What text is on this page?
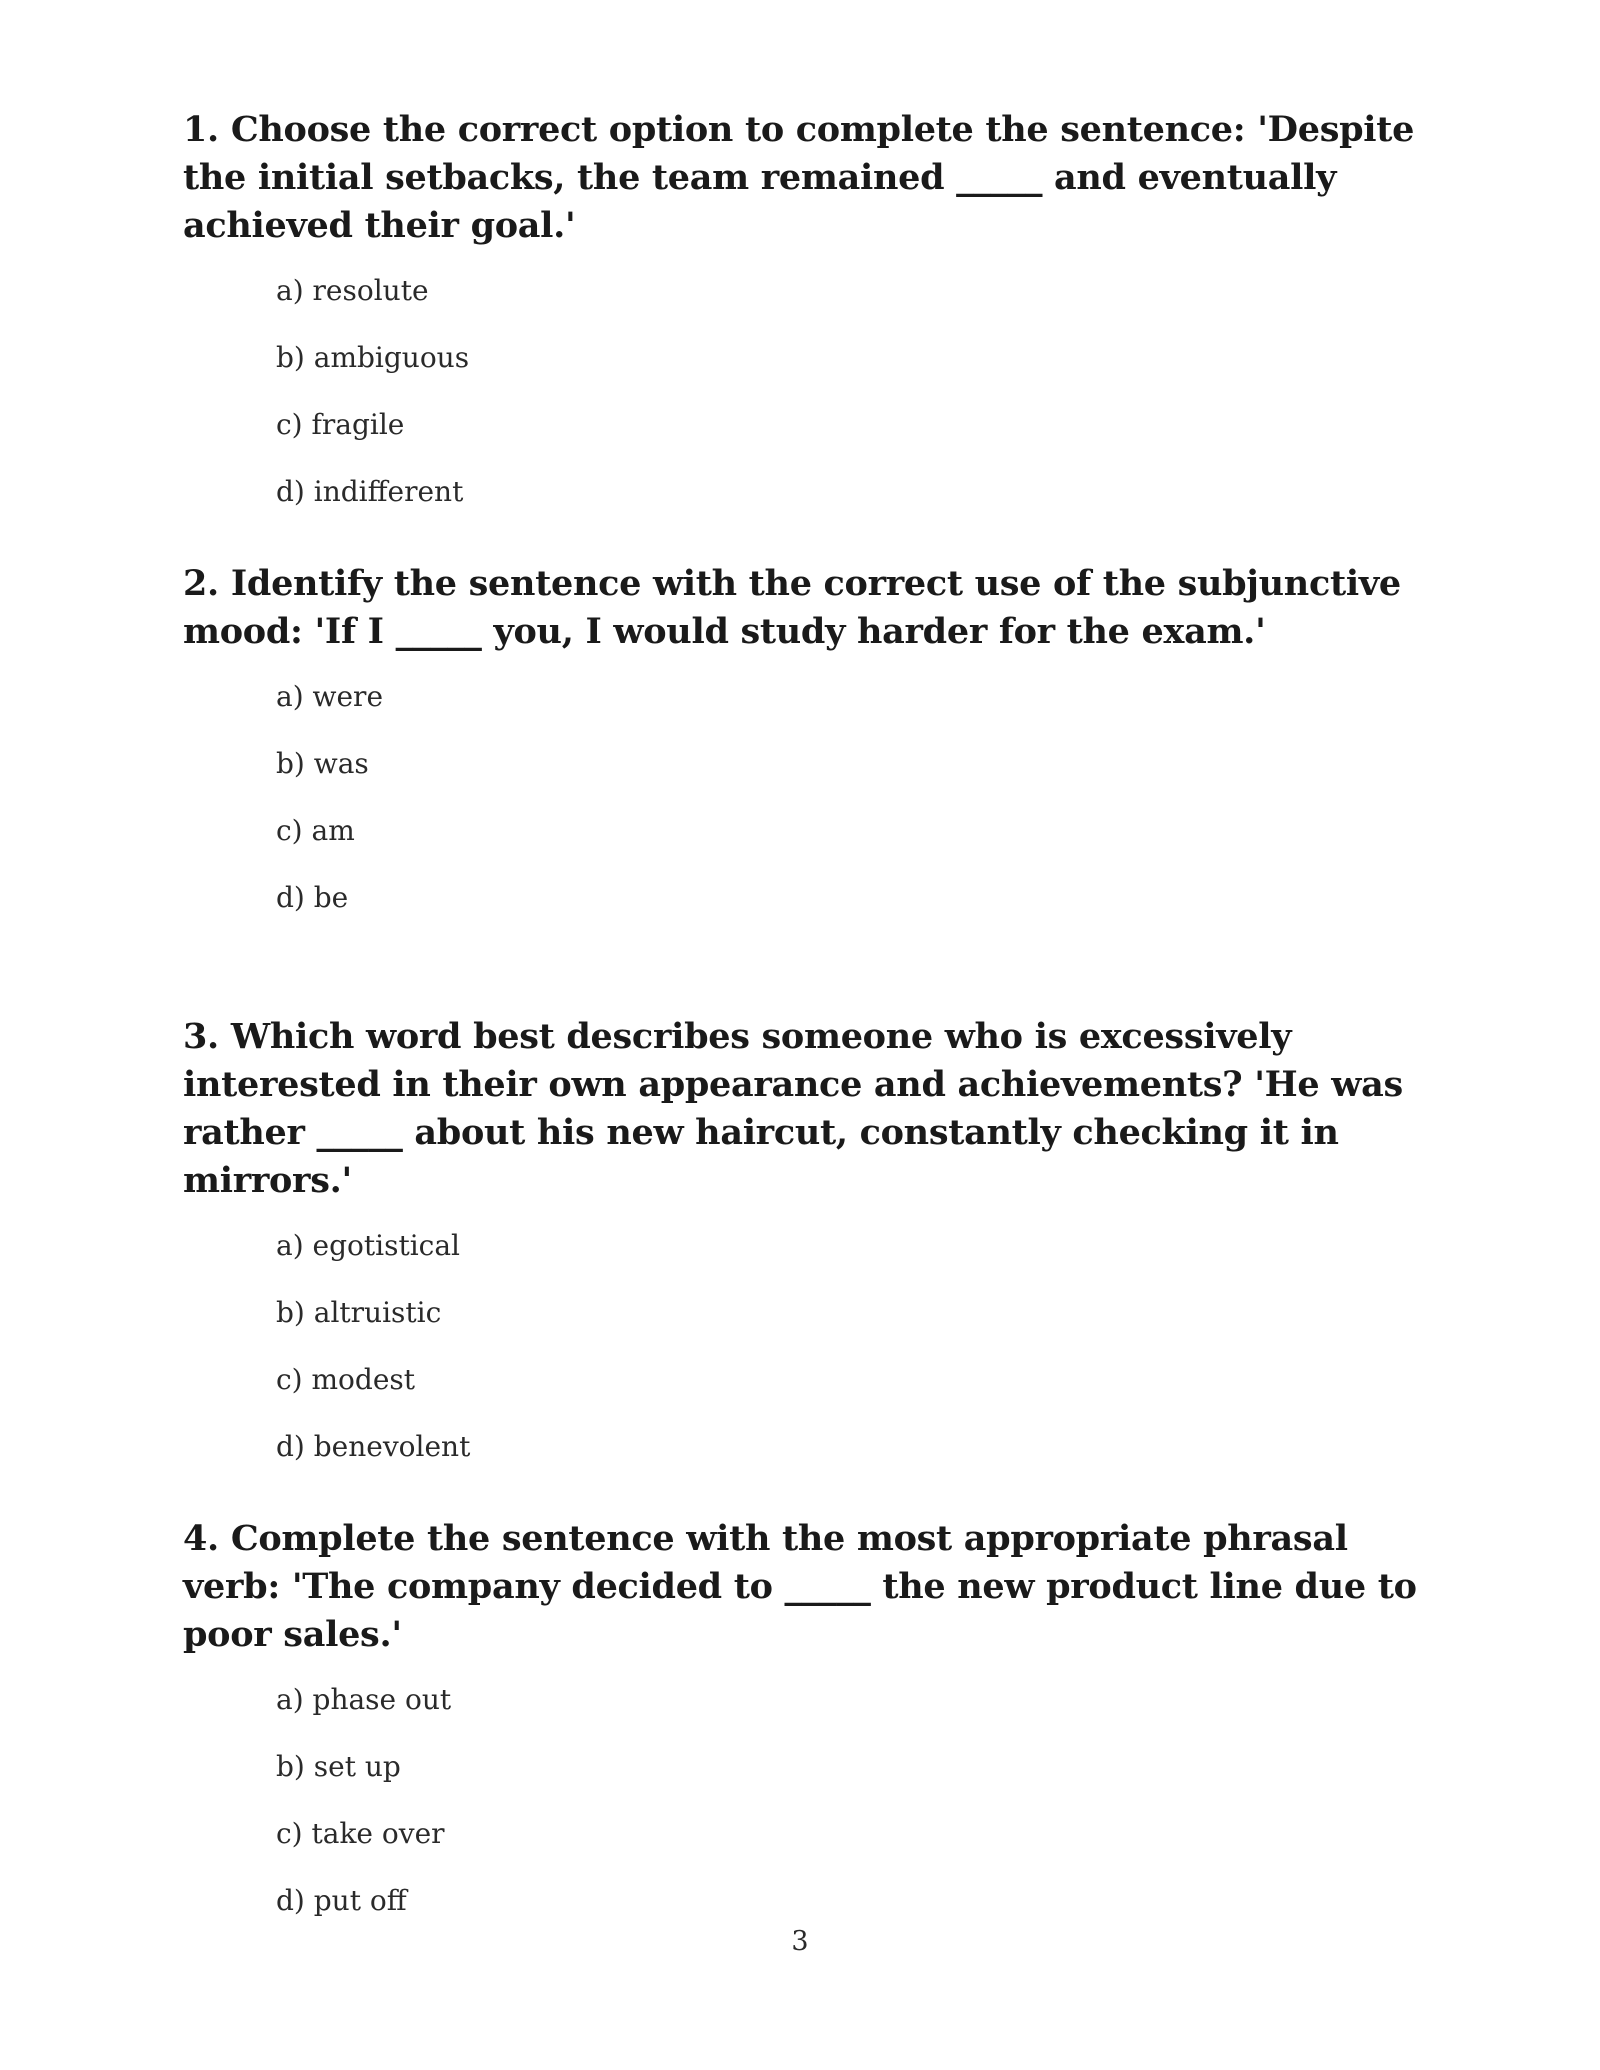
1. Choose the correct option to complete the sentence: 'Despite the initial setbacks, the team remained _____ and eventually achieved their goal.'

a) resolute
b) ambiguous
c) fragile
d) indifferent

2. Identify the sentence with the correct use of the subjunctive mood: 'If I _____ you, I would study harder for the exam.'

a) were
b) was
c) am
d) be

3. Which word best describes someone who is excessively interested in their own appearance and achievements? 'He was rather _____ about his new haircut, constantly checking it in mirrors.'

a) egotistical
b) altruistic
c) modest
d) benevolent

4. Complete the sentence with the most appropriate phrasal verb: 'The company decided to _____ the new product line due to poor sales.'

a) phase out
b) set up
c) take over
d) put off
3
